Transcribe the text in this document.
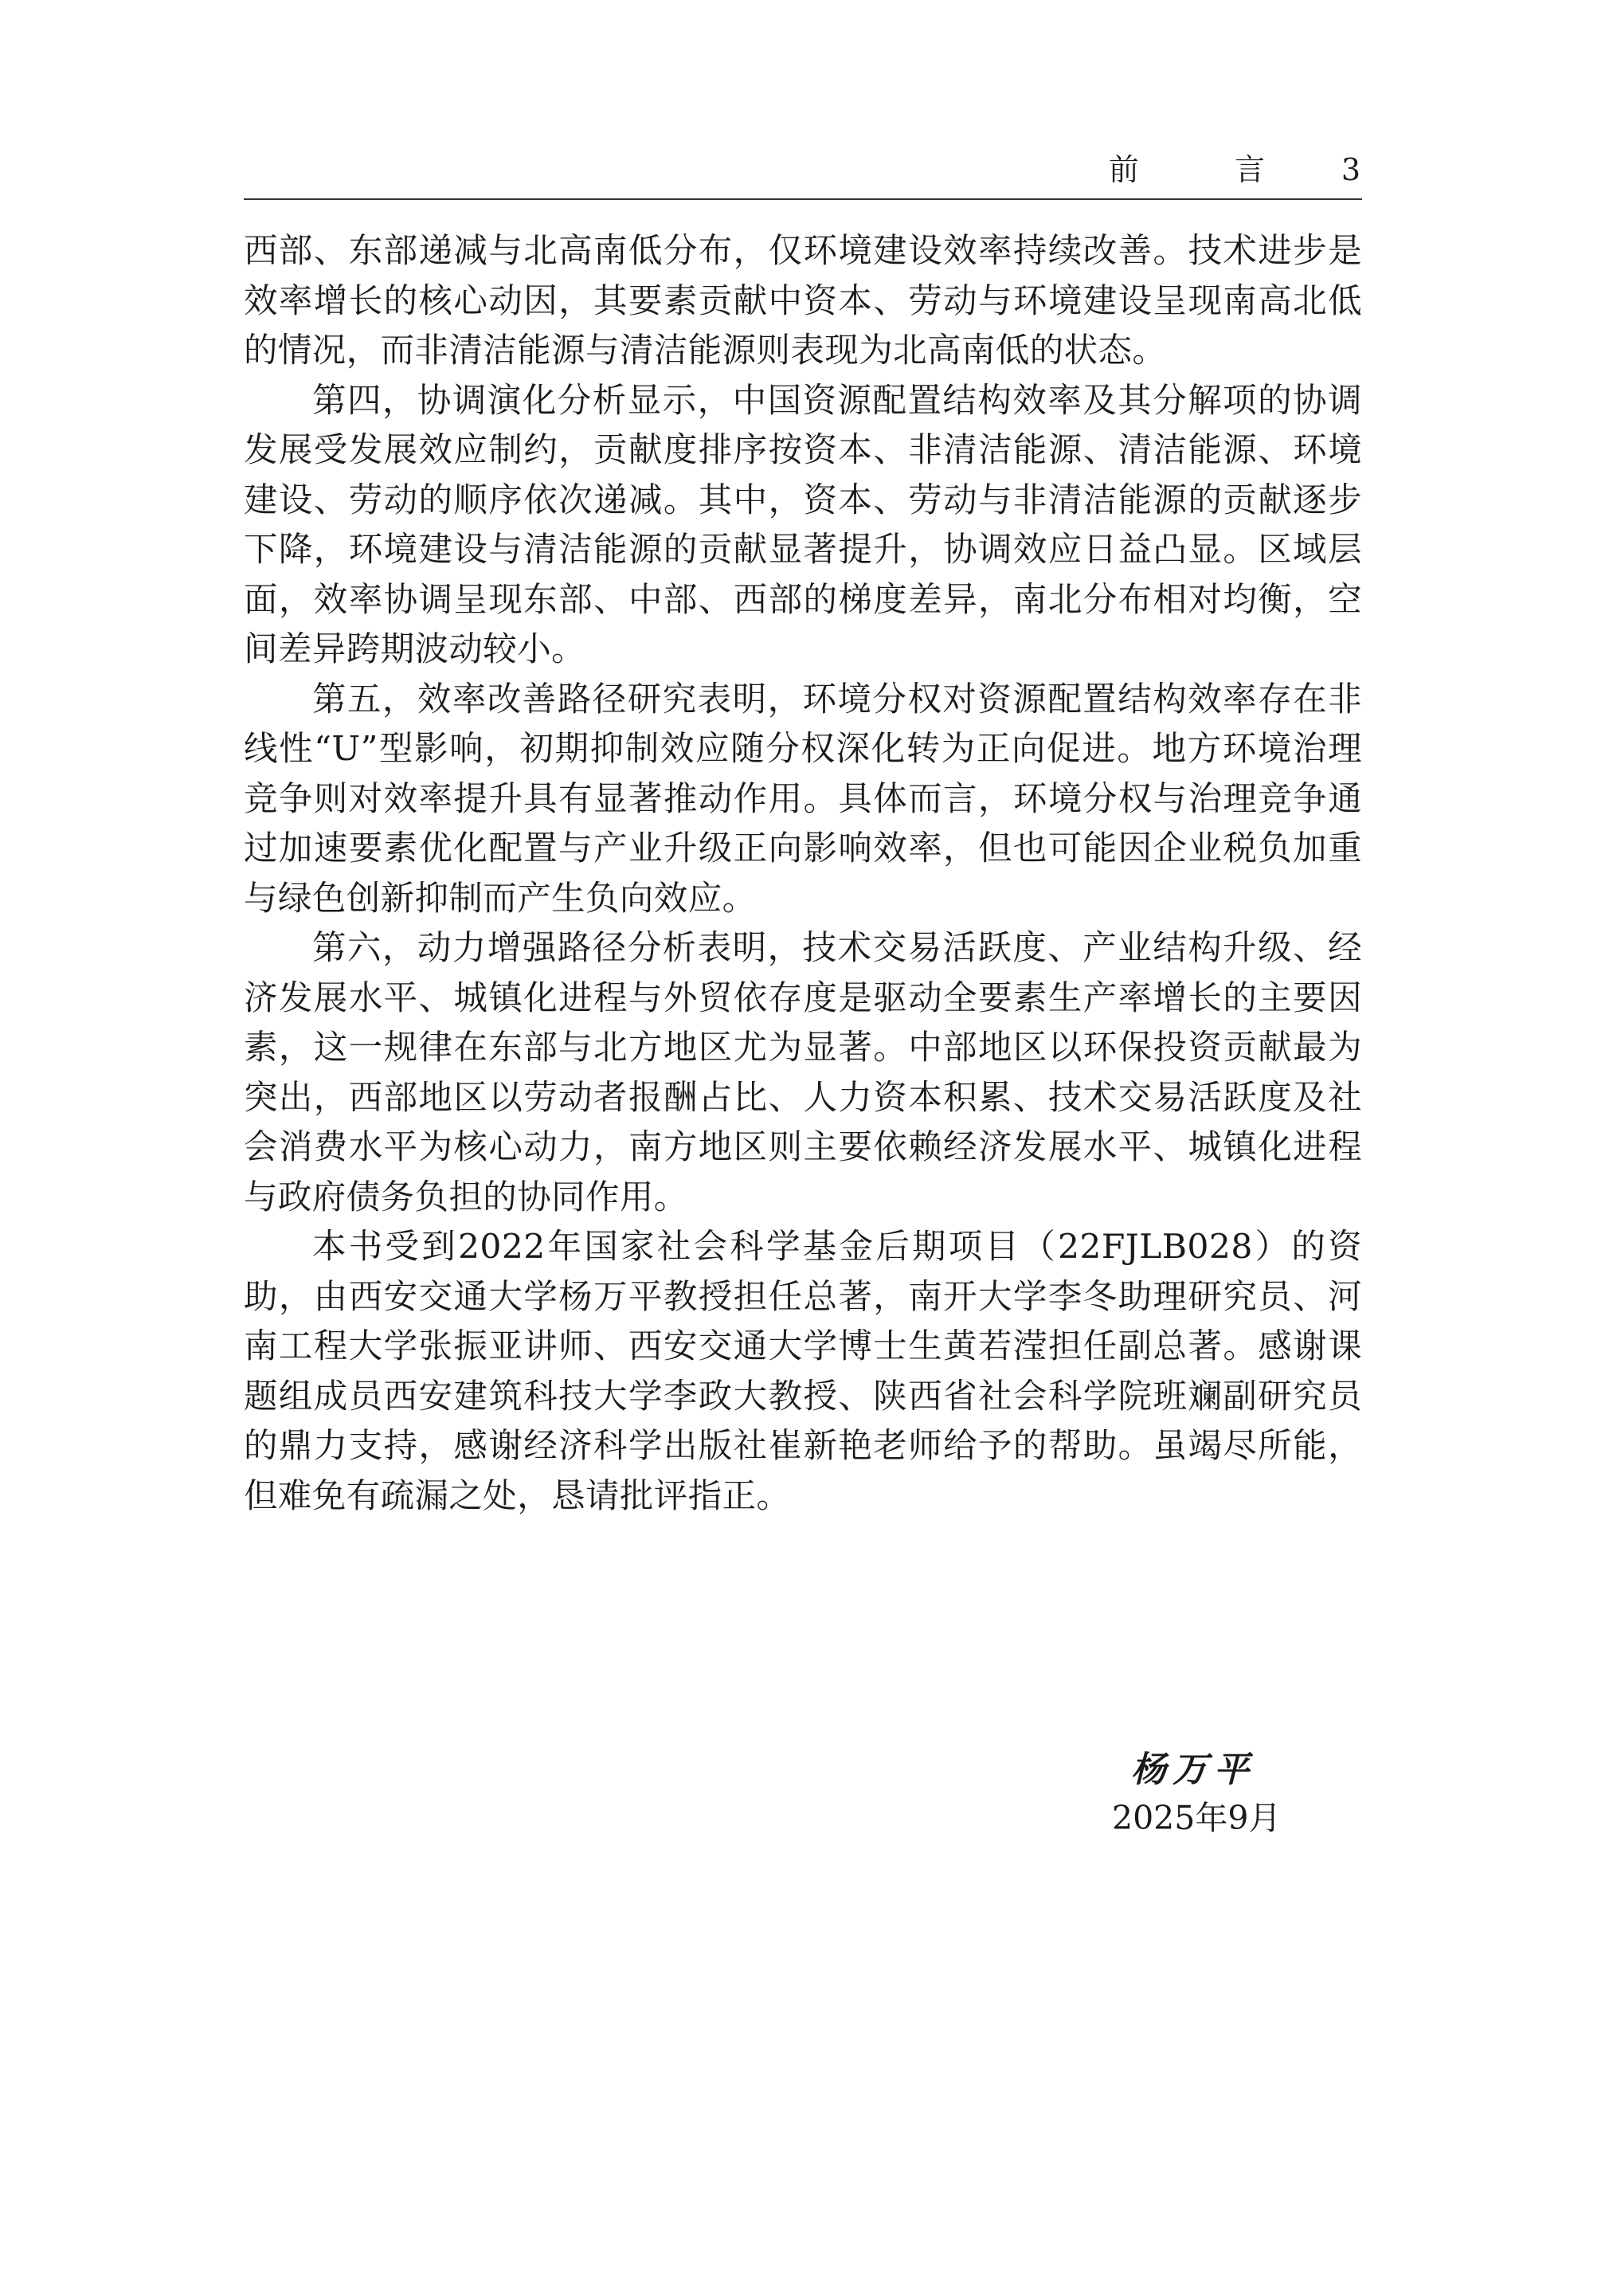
前 言 3

西部、东部递减与北高南低分布，仅环境建设效率持续改善。技术进步是效率增长的核心动因，其要素贡献中资本、劳动与环境建设呈现南高北低的情况，而非清洁能源与清洁能源则表现为北高南低的状态。

第四，协调演化分析显示，中国资源配置结构效率及其分解项的协调发展受发展效应制约，贡献度排序按资本、非清洁能源、清洁能源、环境建设、劳动的顺序依次递减。其中，资本、劳动与非清洁能源的贡献逐步下降，环境建设与清洁能源的贡献显著提升，协调效应日益凸显。区域层面，效率协调呈现东部、中部、西部的梯度差异，南北分布相对均衡，空间差异跨期波动较小。

第五，效率改善路径研究表明，环境分权对资源配置结构效率存在非线性“U”型影响，初期抑制效应随分权深化转为正向促进。地方环境治理竞争则对效率提升具有显著推动作用。具体而言，环境分权与治理竞争通过加速要素优化配置与产业升级正向影响效率，但也可能因企业税负加重与绿色创新抑制而产生负向效应。

第六，动力增强路径分析表明，技术交易活跃度、产业结构升级、经济发展水平、城镇化进程与外贸依存度是驱动全要素生产率增长的主要因素，这一规律在东部与北方地区尤为显著。中部地区以环保投资贡献最为突出，西部地区以劳动者报酬占比、人力资本积累、技术交易活跃度及社会消费水平为核心动力，南方地区则主要依赖经济发展水平、城镇化进程与政府债务负担的协同作用。

本书受到2022年国家社会科学基金后期项目（22FJLB028）的资助，由西安交通大学杨万平教授担任总著，南开大学李冬助理研究员、河南工程大学张振亚讲师、西安交通大学博士生黄若滢担任副总著。感谢课题组成员西安建筑科技大学李政大教授、陕西省社会科学院班斓副研究员的鼎力支持，感谢经济科学出版社崔新艳老师给予的帮助。虽竭尽所能，但难免有疏漏之处，恳请批评指正。

杨万平
2025年9月
